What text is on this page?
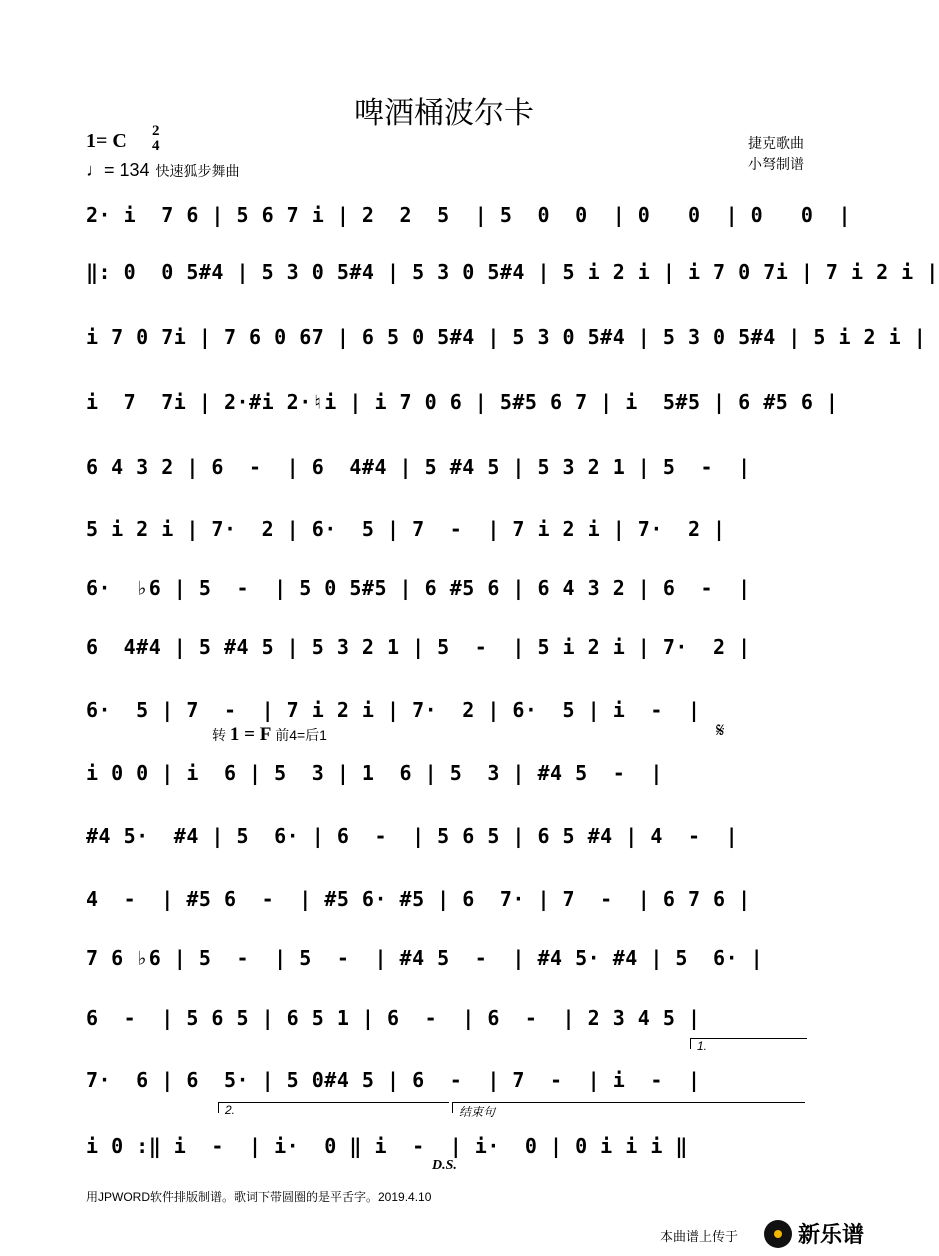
啤酒桶波尔卡
1= C 2
4
♩= 134 快速狐步舞曲
捷克歌曲
小弩制谱
2· i  7 6 | 5 6 7 i | 2  2  5  | 5  0  0  | 0   0  | 0   0  |
‖: 0  0 5#4 | 5 3 0 5#4 | 5 3 0 5#4 | 5 i 2 i | i 7 0 7i | 7 i 2 i |
i 7 0 7i | 7 6 0 67 | 6 5 0 5#4 | 5 3 0 5#4 | 5 3 0 5#4 | 5 i 2 i |
i  7  7i | 2·#i 2·♮i | i 7 0 6 | 5#5 6 7 | i  5#5 | 6 #5 6 |
6 4 3 2 | 6  -  | 6  4#4 | 5 #4 5 | 5 3 2 1 | 5  -  |
5 i 2 i | 7·  2 | 6·  5 | 7  -  | 7 i 2 i | 7·  2 |
6·  ♭6 | 5  -  | 5 0 5#5 | 6 #5 6 | 6 4 3 2 | 6  -  |
6  4#4 | 5 #4 5 | 5 3 2 1 | 5  -  | 5 i 2 i | 7·  2 |
6·  5 | 7  -  | 7 i 2 i | 7·  2 | 6·  5 | i  -  |
转 1 = F 前4=后1	𝄋
i 0 0 | i  6 | 5  3 | 1  6 | 5  3 | #4 5  -  |
#4 5·  #4 | 5  6· | 6  -  | 5 6 5 | 6 5 #4 | 4  -  |
4  -  | #5 6  -  | #5 6· #5 | 6  7· | 7  -  | 6 7 6 |
7 6 ♭6 | 5  -  | 5  -  | #4 5  -  | #4 5· #4 | 5  6· |
6  -  | 5 6 5 | 6 5 1 | 6  -  | 6  -  | 2 3 4 5 |
1.
7·  6 | 6  5· | 5 0#4 5 | 6  -  | 7  -  | i  -  |
2.	结束句
i 0 :‖ i  -  | i·  0 ‖ i  -  | i·  0 | 0 i i i ‖
D.S.
用JPWORD软件排版制谱。歌词下带圆圈的是平舌字。2019.4.10
本曲谱上传于	新乐谱
